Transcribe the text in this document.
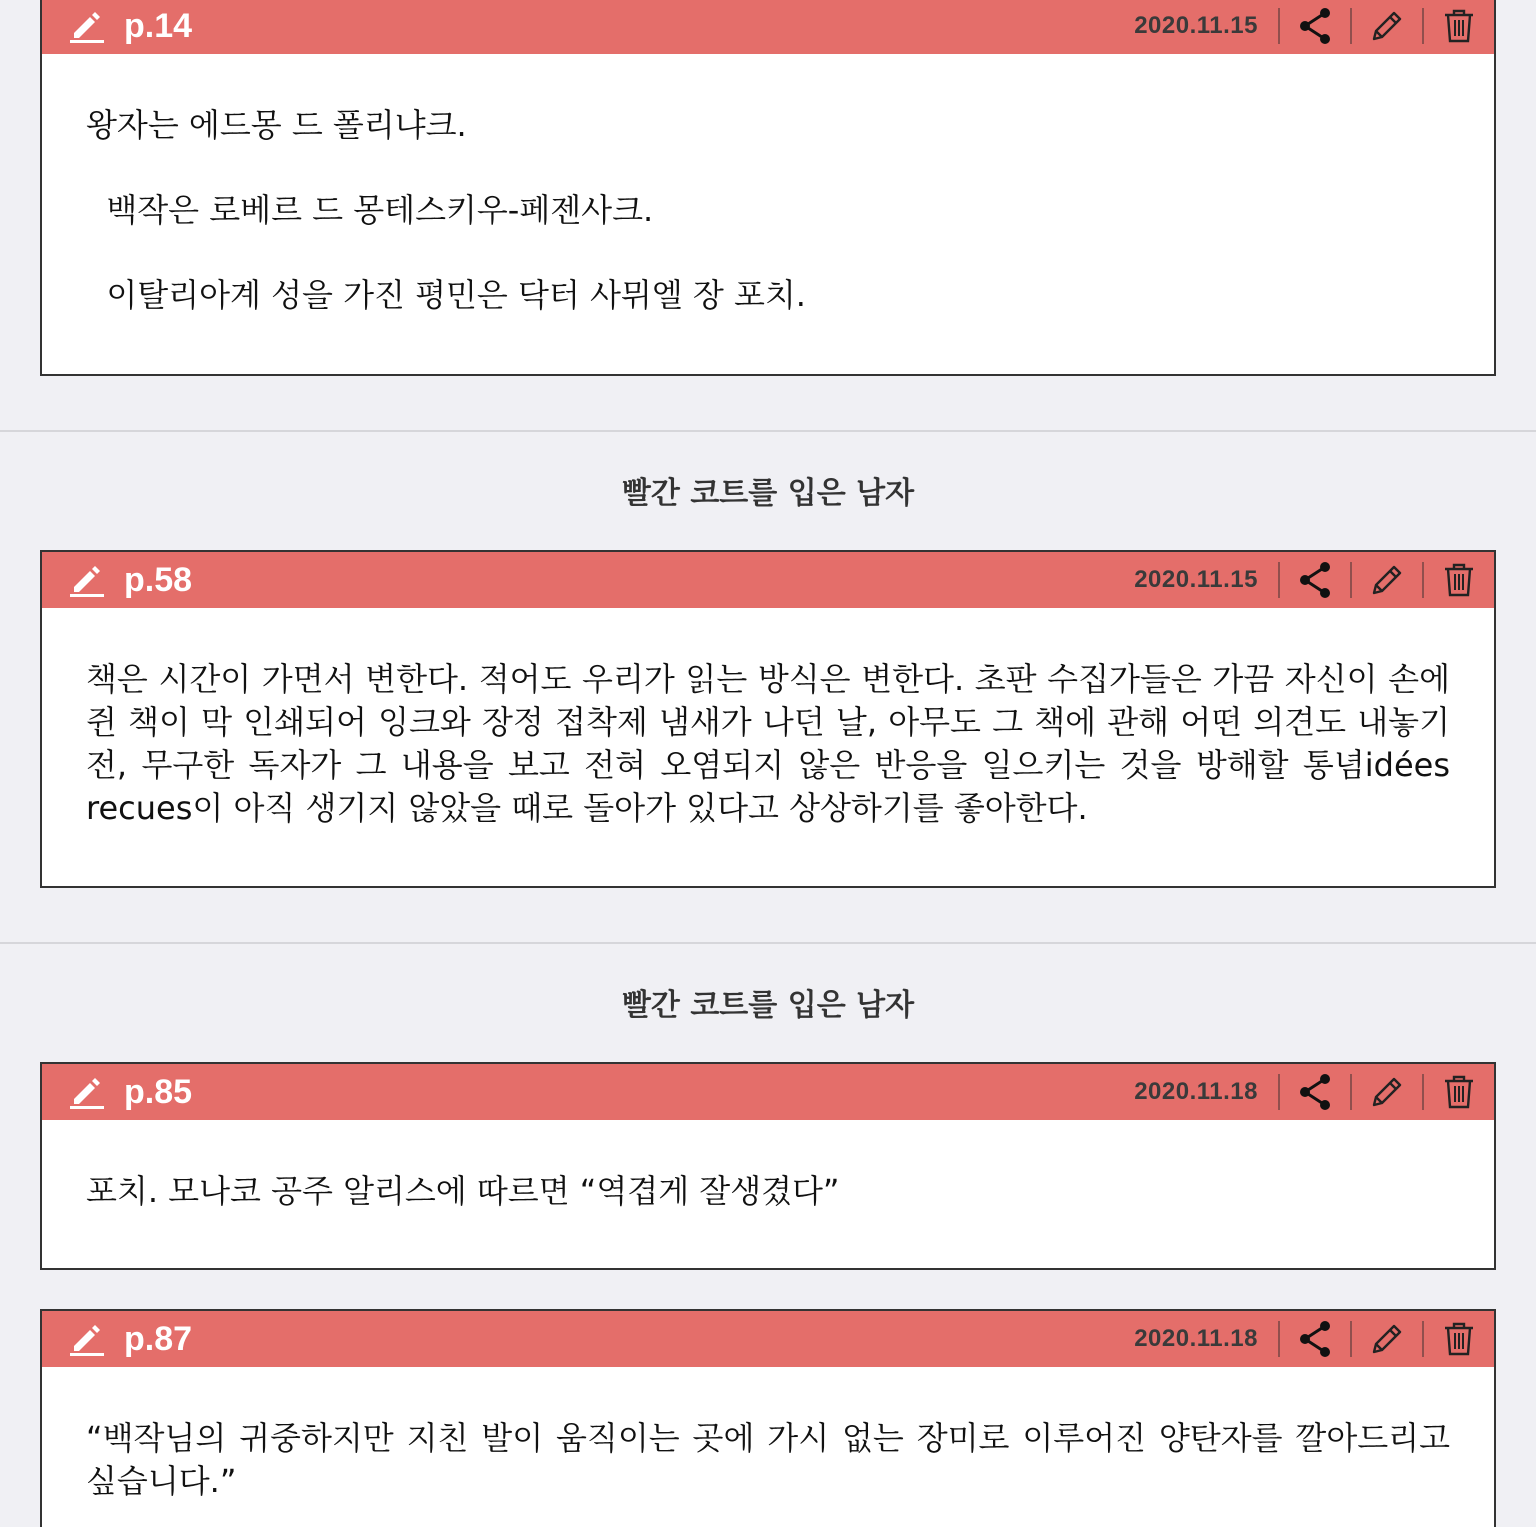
p.14	2020.11.15

왕자는 에드몽 드 폴리냐크.

백작은 로베르 드 몽테스키우-페젠사크.

이탈리아계 성을 가진 평민은 닥터 사뮈엘 장 포치.

빨간 코트를 입은 남자
p.58	2020.11.15

책은 시간이 가면서 변한다. 적어도 우리가 읽는 방식은 변한다. 초판 수집가들은 가끔 자신이 손에 쥔 책이 막 인쇄되어 잉크와 장정 접착제 냄새가 나던 날, 아무도 그 책에 관해 어떤 의견도 내놓기 전, 무구한 독자가 그 내용을 보고 전혀 오염되지 않은 반응을 일으키는 것을 방해할 통념idées recues이 아직 생기지 않았을 때로 돌아가 있다고 상상하기를 좋아한다.

빨간 코트를 입은 남자
p.85	2020.11.18

포치. 모나코 공주 알리스에 따르면 “역겹게 잘생겼다”

p.87	2020.11.18

“백작님의 귀중하지만 지친 발이 움직이는 곳에 가시 없는 장미로 이루어진 양탄자를 깔아드리고 싶습니다.”
